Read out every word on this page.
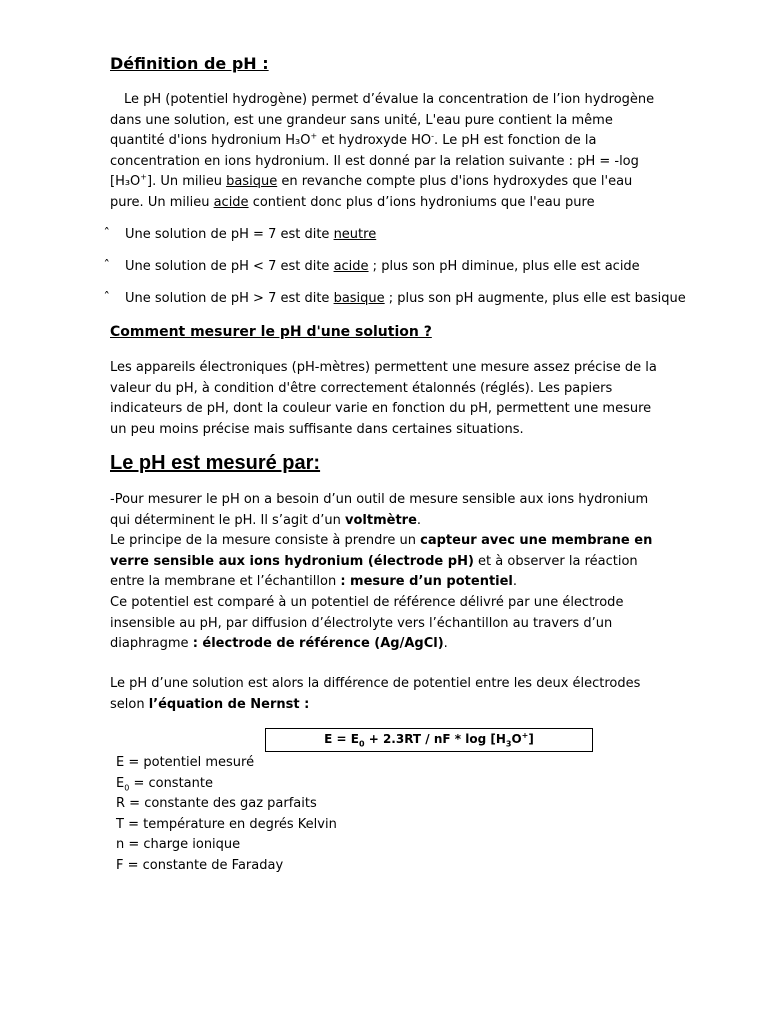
Définition de pH :
Le pH (potentiel hydrogène) permet d’évalue la concentration de l’ion hydrogène dans une solution, est une grandeur sans unité, L'eau pure contient la même quantité d'ions hydronium H₃O+ et hydroxyde HO-. Le pH est fonction de la concentration en ions hydronium. Il est donné par la relation suivante : pH = -log [H₃O+]. Un milieu basique en revanche compte plus d'ions hydroxydes que l'eau pure. Un milieu acide contient donc plus d’ions hydroniums que l'eau pure
Une solution de pH = 7 est dite neutre
Une solution de pH < 7 est dite acide ; plus son pH diminue, plus elle est acide
Une solution de pH > 7 est dite basique ; plus son pH augmente, plus elle est basique
Comment mesurer le pH d'une solution ?
Les appareils électroniques (pH-mètres) permettent une mesure assez précise de la valeur du pH, à condition d'être correctement étalonnés (réglés). Les papiers indicateurs de pH, dont la couleur varie en fonction du pH, permettent une mesure un peu moins précise mais suffisante dans certaines situations.
Le pH est mesuré par:
-Pour mesurer le pH on a besoin d’un outil de mesure sensible aux ions hydronium qui déterminent le pH. Il s’agit d’un voltmètre.
Le principe de la mesure consiste à prendre un capteur avec une membrane en verre sensible aux ions hydronium (électrode pH) et à observer la réaction entre la membrane et l’échantillon : mesure d’un potentiel.
Ce potentiel est comparé à un potentiel de référence délivré par une électrode insensible au pH, par diffusion d’électrolyte vers l’échantillon au travers d’un diaphragme : électrode de référence (Ag/AgCl).
Le pH d’une solution est alors la différence de potentiel entre les deux électrodes selon l’équation de Nernst :
$E = E_0 + 2.3RT$ / nF * $\log [H_3O^+]$
E = potentiel mesuré
$E_0$ = constante
R = constante des gaz parfaits
T = température en degrés Kelvin
n = charge ionique
F = constante de Faraday
